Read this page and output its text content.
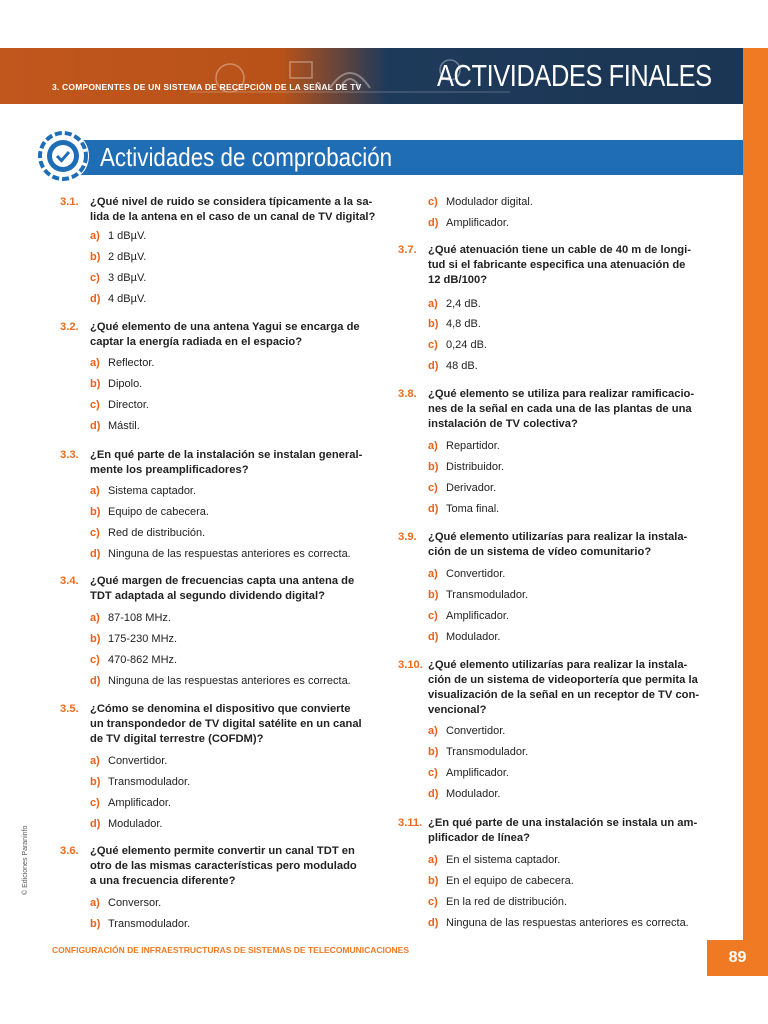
3. COMPONENTES DE UN SISTEMA DE RECEPCIÓN DE LA SEÑAL DE TV ACTIVIDADES FINALES
Actividades de comprobación
3.1. ¿Qué nivel de ruido se considera típicamente a la sa-
lida de la antena en el caso de un canal de TV digital?
a) 1 dBµV.
b) 2 dBµV.
c) 3 dBµV.
d) 4 dBµV.
3.2. ¿Qué elemento de una antena Yagui se encarga de
captar la energía radiada en el espacio?
a) Reflector.
b) Dipolo.
c) Director.
d) Mástil.
3.3. ¿En qué parte de la instalación se instalan general-
mente los preamplificadores?
a) Sistema captador.
b) Equipo de cabecera.
c) Red de distribución.
d) Ninguna de las respuestas anteriores es correcta.
3.4. ¿Qué margen de frecuencias capta una antena de
TDT adaptada al segundo dividendo digital?
a) 87-108 MHz.
b) 175-230 MHz.
c) 470-862 MHz.
d) Ninguna de las respuestas anteriores es correcta.
3.5. ¿Cómo se denomina el dispositivo que convierte
un transpondedor de TV digital satélite en un canal
de TV digital terrestre (COFDM)?
a) Convertidor.
b) Transmodulador.
c) Amplificador.
d) Modulador.
3.6. ¿Qué elemento permite convertir un canal TDT en
otro de las mismas características pero modulado
a una frecuencia diferente?
a) Conversor.
b) Transmodulador.
c) Modulador digital.
d) Amplificador.
3.7. ¿Qué atenuación tiene un cable de 40 m de longi-
tud si el fabricante especifica una atenuación de
12 dB/100?
a) 2,4 dB.
b) 4,8 dB.
c) 0,24 dB.
d) 48 dB.
3.8. ¿Qué elemento se utiliza para realizar ramificacio-
nes de la señal en cada una de las plantas de una
instalación de TV colectiva?
a) Repartidor.
b) Distribuidor.
c) Derivador.
d) Toma final.
3.9. ¿Qué elemento utilizarías para realizar la instala-
ción de un sistema de vídeo comunitario?
a) Convertidor.
b) Transmodulador.
c) Amplificador.
d) Modulador.
3.10. ¿Qué elemento utilizarías para realizar la instala-
ción de un sistema de videoportería que permita la
visualización de la señal en un receptor de TV con-
vencional?
a) Convertidor.
b) Transmodulador.
c) Amplificador.
d) Modulador.
3.11. ¿En qué parte de una instalación se instala un am-
plificador de línea?
a) En el sistema captador.
b) En el equipo de cabecera.
c) En la red de distribución.
d) Ninguna de las respuestas anteriores es correcta.
© Ediciones Paraninfo
CONFIGURACIÓN DE INFRAESTRUCTURAS DE SISTEMAS DE TELECOMUNICACIONES	89
